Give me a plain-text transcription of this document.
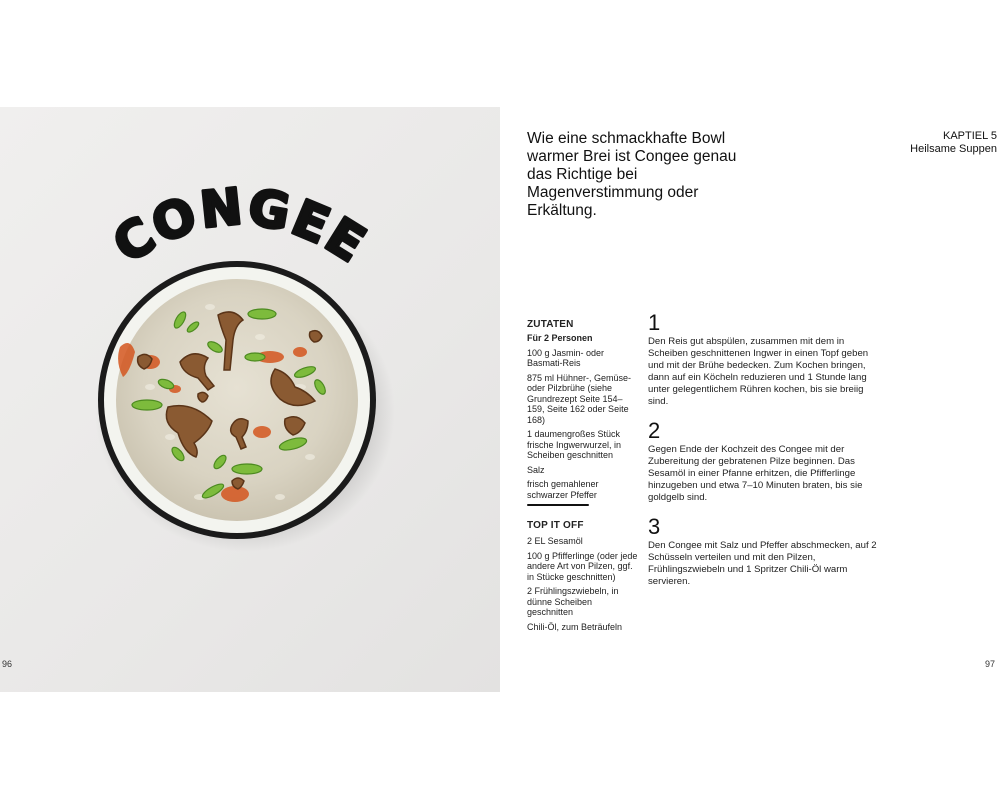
CONGEE
96
Wie eine schmackhafte Bowl warmer Brei ist Congee genau das Richtige bei Magenverstimmung oder Erkältung.
KAPTIEL 5
Heilsame Suppen
ZUTATEN
Für 2 Personen
100 g Jasmin- oder Basmati-Reis
875 ml Hühner-, Gemüse- oder Pilzbrühe (siehe Grundrezept Seite 154–159, Seite 162 oder Seite 168)
1 daumengroßes Stück frische Ingwerwurzel, in Scheiben geschnitten
Salz
frisch gemahlener schwarzer Pfeffer
TOP IT OFF
2 EL Sesamöl
100 g Pfifferlinge (oder jede andere Art von Pilzen, ggf. in Stücke geschnitten)
2 Frühlingszwiebeln, in dünne Scheiben geschnitten
Chili-Öl, zum Beträufeln
1
Den Reis gut abspülen, zusammen mit dem in Scheiben geschnittenen Ingwer in einen Topf geben und mit der Brühe bedecken. Zum Kochen bringen, dann auf ein Köcheln reduzieren und 1 Stunde lang unter gelegentlichem Rühren kochen, bis sie breiig sind.
2
Gegen Ende der Kochzeit des Congee mit der Zubereitung der gebratenen Pilze beginnen. Das Sesamöl in einer Pfanne erhitzen, die Pfifferlinge hinzugeben und etwa 7–10 Minuten braten, bis sie goldgelb sind.
3
Den Congee mit Salz und Pfeffer abschmecken, auf 2 Schüsseln verteilen und mit den Pilzen, Frühlingszwiebeln und 1 Spritzer Chili-Öl warm servieren.
97
